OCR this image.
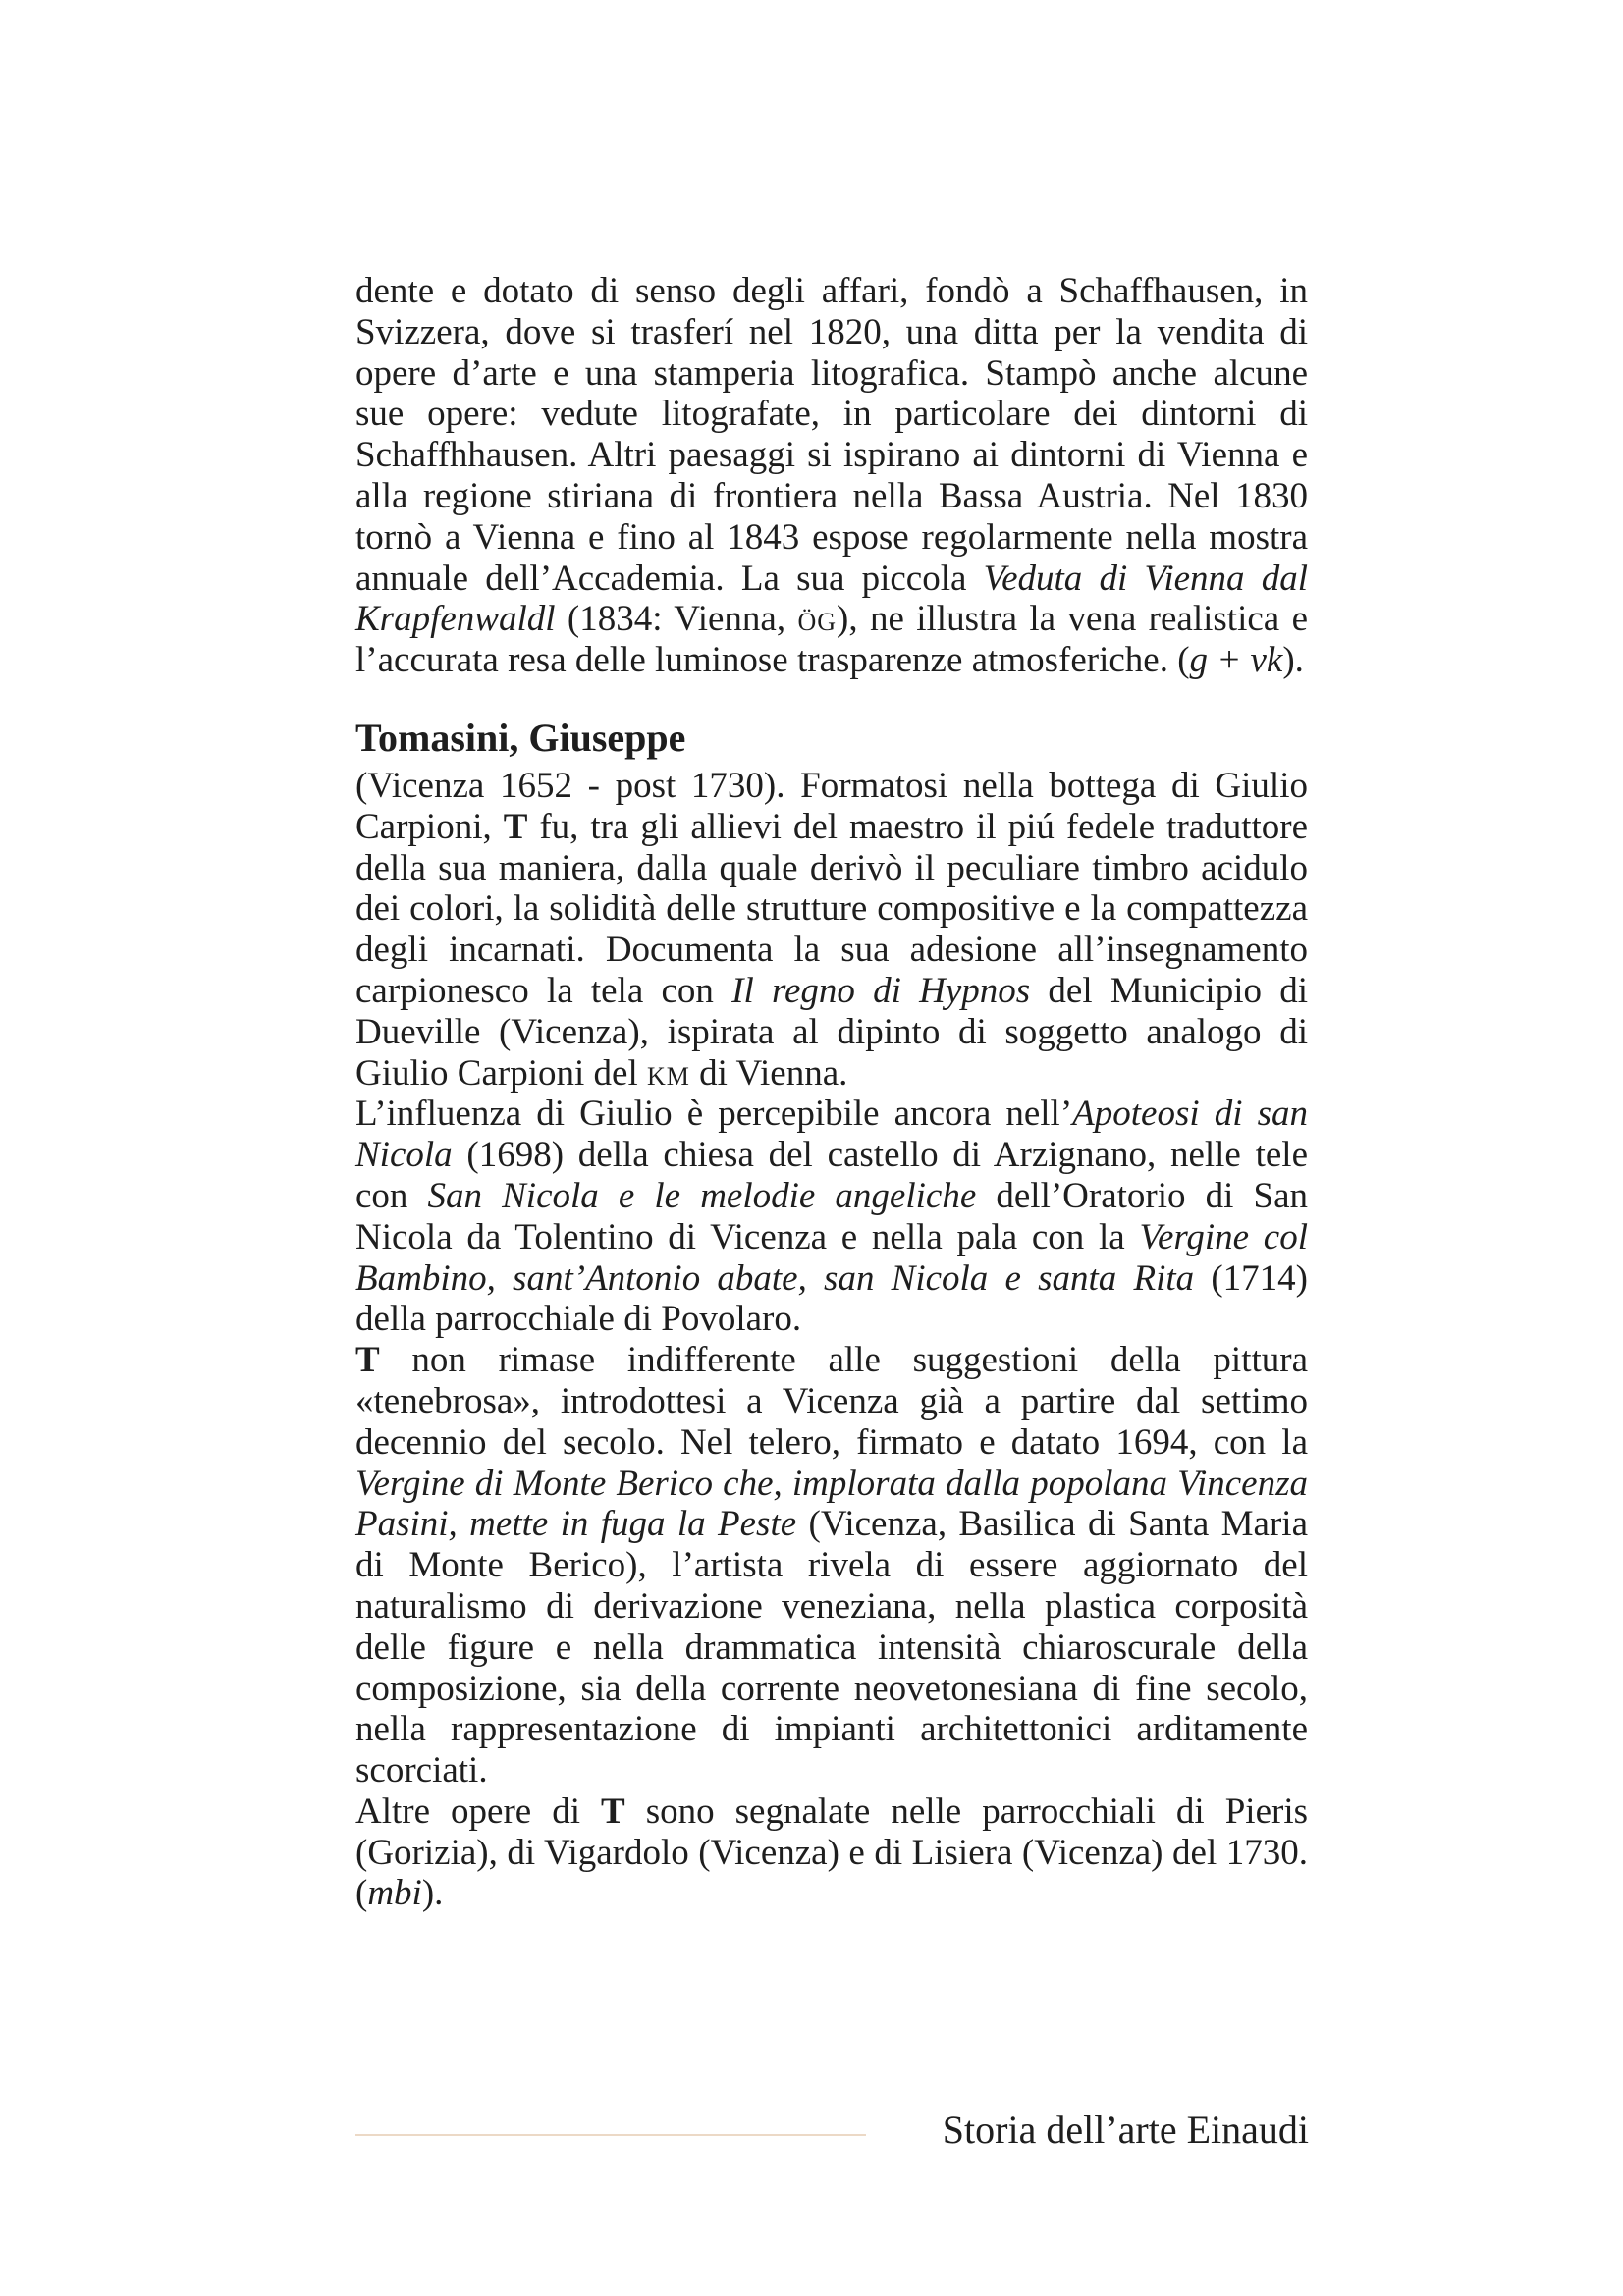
dente e dotato di senso degli affari, fondò a Schaffhausen, in Svizzera, dove si trasferí nel 1820, una ditta per la vendita di opere d’arte e una stamperia litografica. Stampò anche alcune sue opere: vedute litografate, in particolare dei dintorni di Schaffhhausen. Altri paesaggi si ispirano ai dintorni di Vienna e alla regione stiriana di frontiera nella Bassa Austria. Nel 1830 tornò a Vienna e fino al 1843 espose regolarmente nella mostra annuale dell’Accademia. La sua piccola Veduta di Vienna dal Krapfenwaldl (1834: Vienna, ög), ne illustra la vena realistica e l’accurata resa delle luminose trasparenze atmosferiche. (g + vk).

Tomasini, Giuseppe

(Vicenza 1652 - post 1730). Formatosi nella bottega di Giulio Carpioni, T fu, tra gli allievi del maestro il piú fedele traduttore della sua maniera, dalla quale derivò il peculiare timbro acidulo dei colori, la solidità delle strutture compositive e la compattezza degli incarnati. Documenta la sua adesione all’insegnamento carpionesco la tela con Il regno di Hypnos del Municipio di Dueville (Vicenza), ispirata al dipinto di soggetto analogo di Giulio Carpioni del km di Vienna.

L’influenza di Giulio è percepibile ancora nell’Apoteosi di san Nicola (1698) della chiesa del castello di Arzignano, nelle tele con San Nicola e le melodie angeliche dell’Oratorio di San Nicola da Tolentino di Vicenza e nella pala con la Vergine col Bambino, sant’Antonio abate, san Nicola e santa Rita (1714) della parrocchiale di Povolaro.

T non rimase indifferente alle suggestioni della pittura «tenebrosa», introdottesi a Vicenza già a partire dal settimo decennio del secolo. Nel telero, firmato e datato 1694, con la Vergine di Monte Berico che, implorata dalla popolana Vincenza Pasini, mette in fuga la Peste (Vicenza, Basilica di Santa Maria di Monte Berico), l’artista rivela di essere aggiornato del naturalismo di derivazione veneziana, nella plastica corposità delle figure e nella drammatica intensità chiaroscurale della composizione, sia della corrente neovetonesiana di fine secolo, nella rappresentazione di impianti architettonici arditamente scorciati.

Altre opere di T sono segnalate nelle parrocchiali di Pieris (Gorizia), di Vigardolo (Vicenza) e di Lisiera (Vicenza) del 1730. (mbi).

Storia dell’arte Einaudi
